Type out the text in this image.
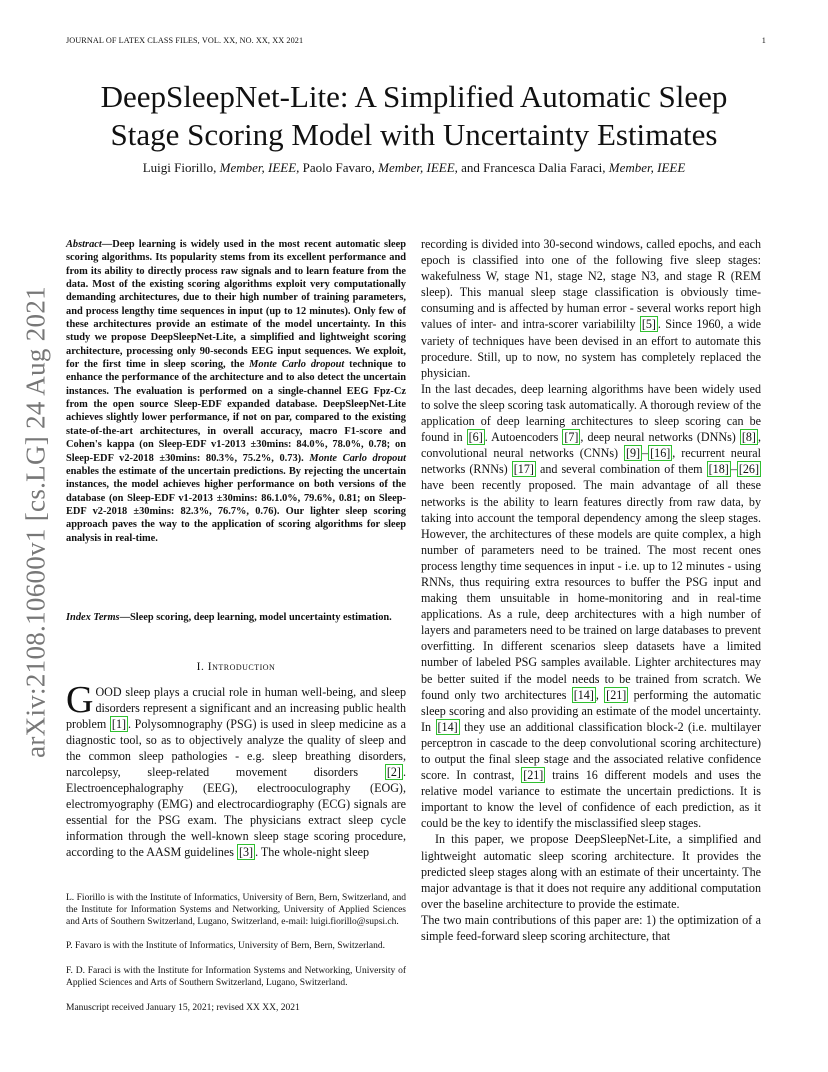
JOURNAL OF LATEX CLASS FILES, VOL. XX, NO. XX, XX 2021	1
arXiv:2108.10600v1 [cs.LG] 24 Aug 2021
DeepSleepNet-Lite: A Simplified Automatic Sleep
Stage Scoring Model with Uncertainty Estimates
Luigi Fiorillo, Member, IEEE, Paolo Favaro, Member, IEEE, and Francesca Dalia Faraci, Member, IEEE
Abstract—Deep learning is widely used in the most recent automatic sleep scoring algorithms. Its popularity stems from its excellent performance and from its ability to directly process raw signals and to learn feature from the data. Most of the existing scoring algorithms exploit very computationally demanding architectures, due to their high number of training parameters, and process lengthy time sequences in input (up to 12 minutes). Only few of these architectures provide an estimate of the model uncertainty. In this study we propose DeepSleepNet-Lite, a simplified and lightweight scoring architecture, processing only 90-seconds EEG input sequences. We exploit, for the first time in sleep scoring, the Monte Carlo dropout technique to enhance the performance of the architecture and to also detect the uncertain instances. The evaluation is performed on a single-channel EEG Fpz-Cz from the open source Sleep-EDF expanded database. DeepSleepNet-Lite achieves slightly lower performance, if not on par, compared to the existing state-of-the-art architectures, in overall accuracy, macro F1-score and Cohen's kappa (on Sleep-EDF v1-2013 ±30mins: 84.0%, 78.0%, 0.78; on Sleep-EDF v2-2018 ±30mins: 80.3%, 75.2%, 0.73). Monte Carlo dropout enables the estimate of the uncertain predictions. By rejecting the uncertain instances, the model achieves higher performance on both versions of the database (on Sleep-EDF v1-2013 ±30mins: 86.1.0%, 79.6%, 0.81; on Sleep-EDF v2-2018 ±30mins: 82.3%, 76.7%, 0.76). Our lighter sleep scoring approach paves the way to the application of scoring algorithms for sleep analysis in real-time.
Index Terms—Sleep scoring, deep learning, model uncertainty estimation.
I. Introduction
GOOD sleep plays a crucial role in human well-being, and sleep disorders represent a significant and an increasing public health problem [1] . Polysomnography (PSG) is used in sleep medicine as a diagnostic tool, so as to objectively analyze the quality of sleep and the common sleep pathologies - e.g. sleep breathing disorders, narcolepsy, sleep-related movement disorders [2] . Electroencephalography (EEG), electrooculography (EOG), electromyography (EMG) and electrocardiography (ECG) signals are essential for the PSG exam. The physicians extract sleep cycle information through the well-known sleep stage scoring procedure, according to the AASM guidelines [3] . The whole-night sleep
L. Fiorillo is with the Institute of Informatics, University of Bern, Bern, Switzerland, and the Institute for Information Systems and Networking, University of Applied Sciences and Arts of Southern Switzerland, Lugano, Switzerland, e-mail: luigi.fiorillo@supsi.ch.
P. Favaro is with the Institute of Informatics, University of Bern, Bern, Switzerland.
F. D. Faraci is with the Institute for Information Systems and Networking, University of Applied Sciences and Arts of Southern Switzerland, Lugano, Switzerland.
Manuscript received January 15, 2021; revised XX XX, 2021

recording is divided into 30-second windows, called epochs, and each epoch is classified into one of the following five sleep stages: wakefulness W, stage N1, stage N2, stage N3, and stage R (REM sleep). This manual sleep stage classification is obviously time-consuming and is affected by human error - several works report high values of inter- and intra-scorer variabililty [5] . Since 1960, a wide variety of techniques have been devised in an effort to automate this procedure. Still, up to now, no system has completely replaced the physician.

In the last decades, deep learning algorithms have been widely used to solve the sleep scoring task automatically. A thorough review of the application of deep learning architectures to sleep scoring can be found in [6] . Autoencoders [7] , deep neural networks (DNNs) [8] , convolutional neural networks (CNNs) [9] – [16] , recurrent neural networks (RNNs) [17] and several combination of them [18] – [26] have been recently proposed. The main advantage of all these networks is the ability to learn features directly from raw data, by taking into account the temporal dependency among the sleep stages. However, the architectures of these models are quite complex, a high number of parameters need to be trained. The most recent ones process lengthy time sequences in input - i.e. up to 12 minutes - using RNNs, thus requiring extra resources to buffer the PSG input and making them unsuitable in home-monitoring and in real-time applications. As a rule, deep architectures with a high number of layers and parameters need to be trained on large databases to prevent overfitting. In different scenarios sleep datasets have a limited number of labeled PSG samples available. Lighter architectures may be better suited if the model needs to be trained from scratch. We found only two architectures [14] , [21] performing the automatic sleep scoring and also providing an estimate of the model uncertainty. In [14] they use an additional classification block-2 (i.e. multilayer perceptron in cascade to the deep convolutional scoring architecture) to output the final sleep stage and the associated relative confidence score. In contrast, [21] trains 16 different models and uses the relative model variance to estimate the uncertain predictions. It is important to know the level of confidence of each prediction, as it could be the key to identify the misclassified sleep stages.

In this paper, we propose DeepSleepNet-Lite, a simplified and lightweight automatic sleep scoring architecture. It provides the predicted sleep stages along with an estimate of their uncertainty. The major advantage is that it does not require any additional computation over the baseline architecture to provide the estimate.

The two main contributions of this paper are: 1) the optimization of a simple feed-forward sleep scoring architecture, that
